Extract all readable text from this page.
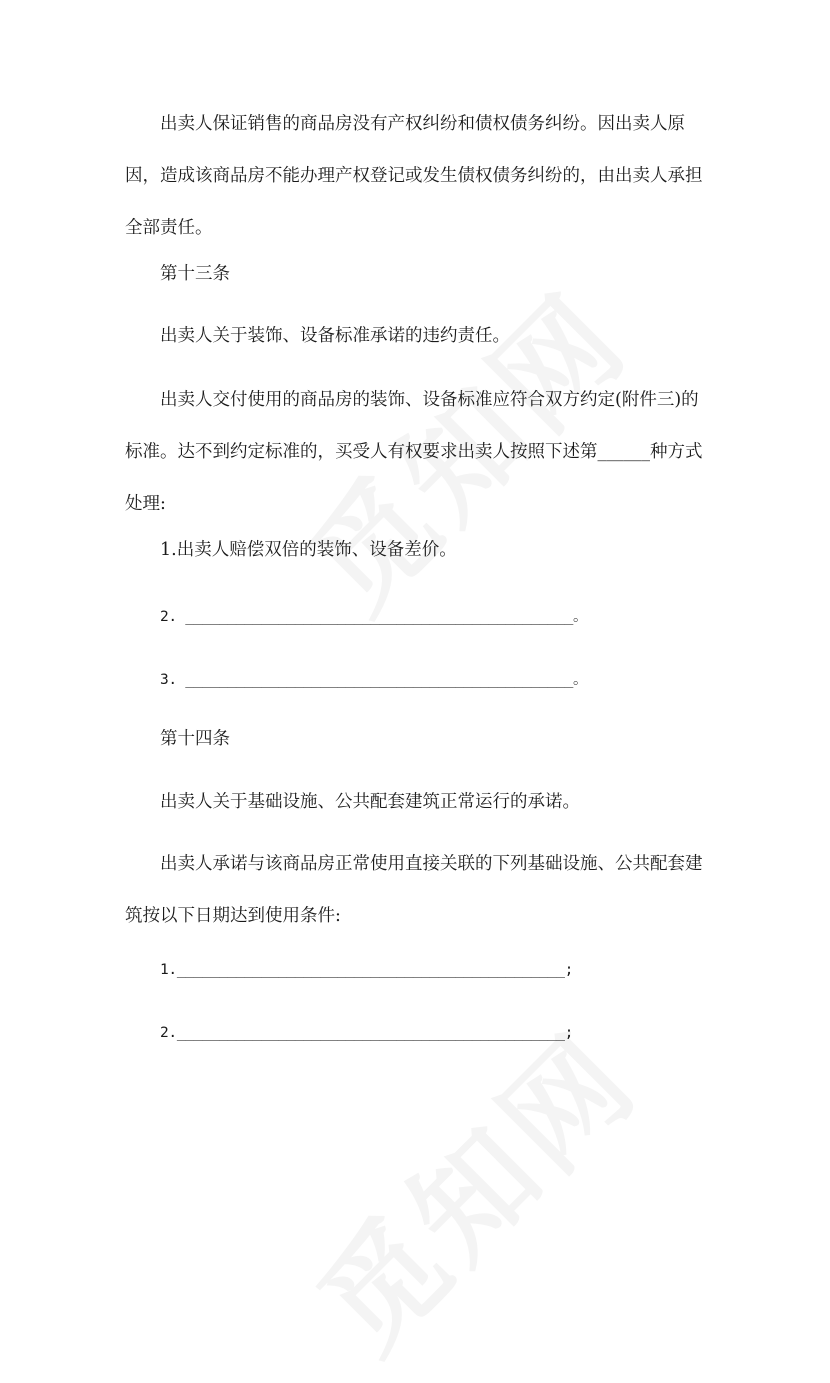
出卖人保证销售的商品房没有产权纠纷和债权债务纠纷。因出卖人原因，造成该商品房不能办理产权登记或发生债权债务纠纷的，由出卖人承担全部责任。

第十三条

出卖人关于装饰、设备标准承诺的违约责任。

出卖人交付使用的商品房的装饰、设备标准应符合双方约定(附件三)的标准。达不到约定标准的，买受人有权要求出卖人按照下述第______种方式处理:

1.出卖人赔偿双倍的装饰、设备差价。

2. ______________________________________________。
3. ______________________________________________。

第十四条

出卖人关于基础设施、公共配套建筑正常运行的承诺。

出卖人承诺与该商品房正常使用直接关联的下列基础设施、公共配套建筑按以下日期达到使用条件:

1.______________________________________________;
2.______________________________________________;
